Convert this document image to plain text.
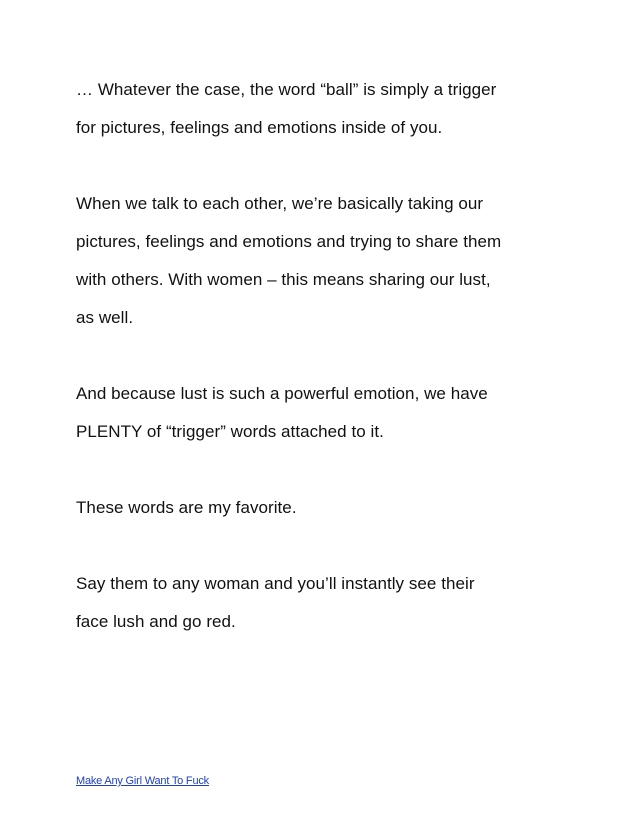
… Whatever the case, the word “ball” is simply a trigger
for pictures, feelings and emotions inside of you.
When we talk to each other, we’re basically taking our
pictures, feelings and emotions and trying to share them
with others. With women – this means sharing our lust,
as well.
And because lust is such a powerful emotion, we have
PLENTY of “trigger” words attached to it.
These words are my favorite.
Say them to any woman and you’ll instantly see their
face lush and go red.
Make Any Girl Want To Fuck
